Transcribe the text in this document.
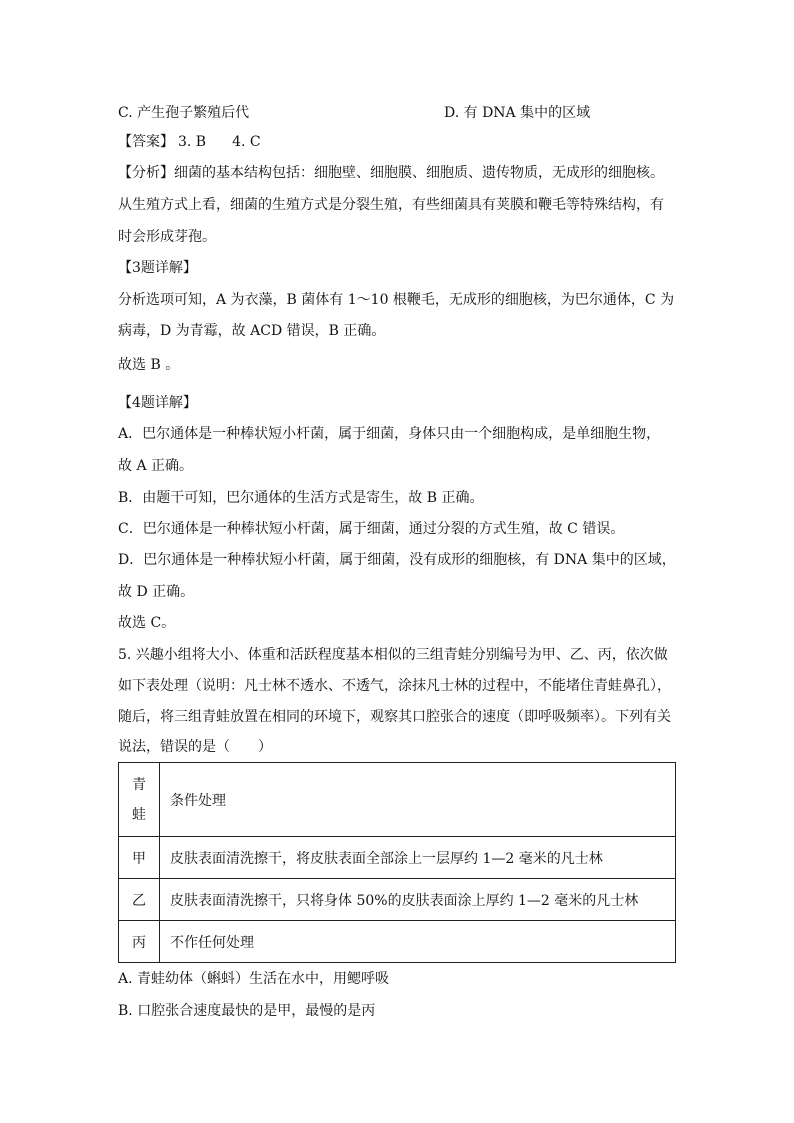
C. 产生孢子繁殖后代	D. 有 DNA 集中的区域
【答案】 3. B 4. C
【分析】细菌的基本结构包括：细胞壁、细胞膜、细胞质、遗传物质，无成形的细胞核。
从生殖方式上看，细菌的生殖方式是分裂生殖，有些细菌具有荚膜和鞭毛等特殊结构，有
时会形成芽孢。
【3题详解】
分析选项可知，A 为衣藻，B 菌体有 1～10 根鞭毛，无成形的细胞核，为巴尔通体，C 为
病毒，D 为青霉，故 ACD 错误，B 正确。
故选 B 。
【4题详解】
A．巴尔通体是一种棒状短小杆菌，属于细菌，身体只由一个细胞构成，是单细胞生物，
故 A 正确。
B．由题干可知，巴尔通体的生活方式是寄生，故 B 正确。
C．巴尔通体是一种棒状短小杆菌，属于细菌，通过分裂的方式生殖，故 C 错误。
D．巴尔通体是一种棒状短小杆菌，属于细菌，没有成形的细胞核，有 DNA 集中的区域，
故 D 正确。
故选 C。
5. 兴趣小组将大小、体重和活跃程度基本相似的三组青蛙分别编号为甲、乙、丙，依次做
如下表处理（说明：凡士林不透水、不透气，涂抹凡士林的过程中，不能堵住青蛙鼻孔），
随后，将三组青蛙放置在相同的环境下，观察其口腔张合的速度（即呼吸频率）。下列有关
说法，错误的是（　　）
青蛙	条件处理
甲	皮肤表面清洗擦干，将皮肤表面全部涂上一层厚约 1—2 毫米的凡士林
乙	皮肤表面清洗擦干，只将身体 50%的皮肤表面涂上厚约 1—2 毫米的凡士林
丙	不作任何处理
A. 青蛙幼体（蝌蚪）生活在水中，用鳃呼吸
B. 口腔张合速度最快的是甲，最慢的是丙
